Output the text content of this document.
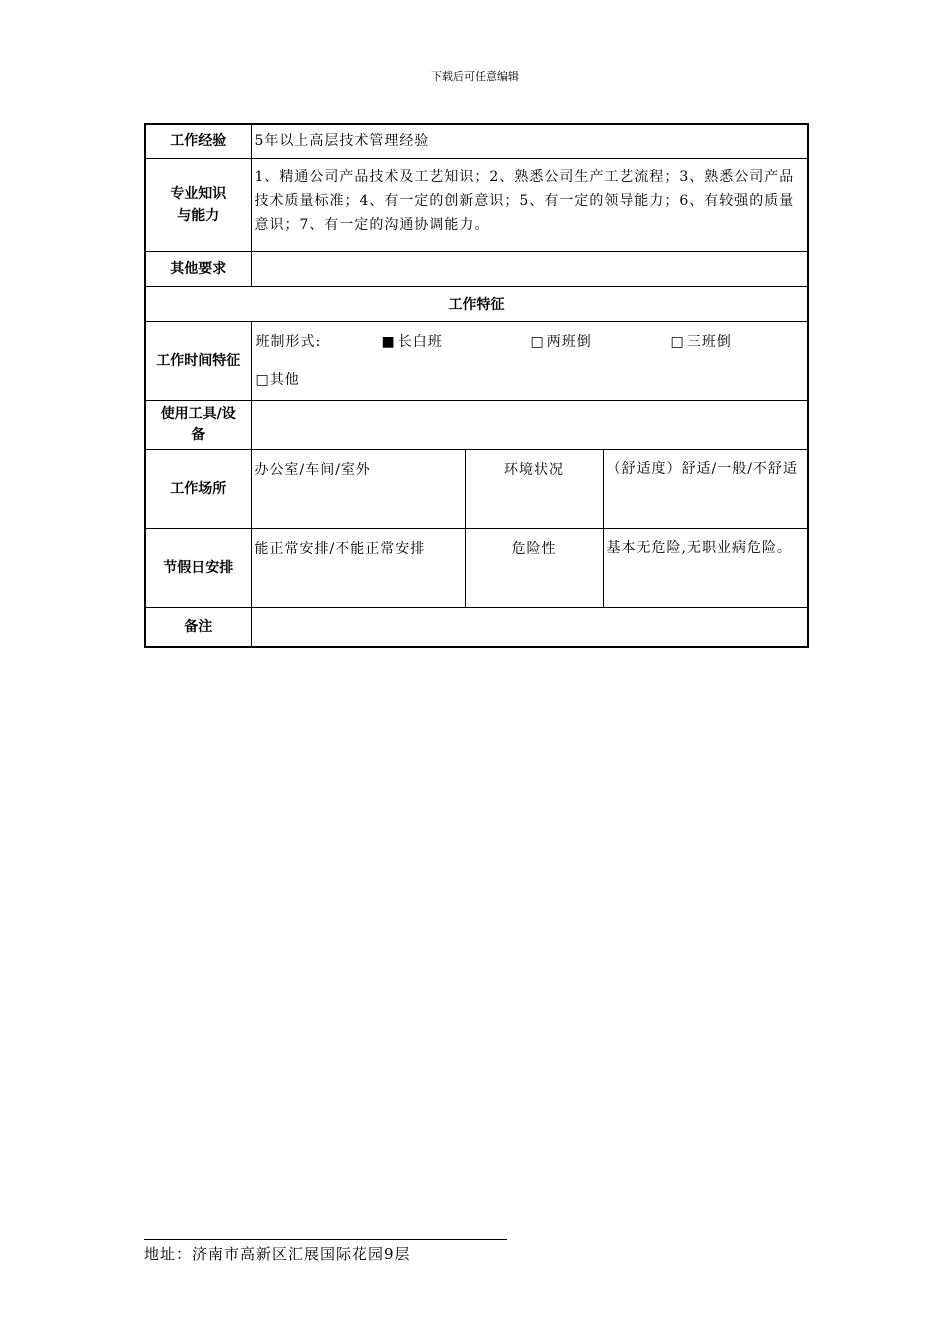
下载后可任意编辑
工作经验	5年以上高层技术管理经验		

专业知识
与能力	1、精通公司产品技术及工艺知识；2、熟悉公司生产工艺流程；3、熟悉公司产品技术质量标准；4、有一定的创新意识；5、有一定的领导能力；6、有较强的质量意识；7、有一定的沟通协调能力。		
其他要求			
工作特征			
工作时间特征	班制形式: ■ 长白班 □ 两班倒 □ 三班倒
□其他		

使用工具/设
备			

工作场所	办公室/车间/室外	环境状况	（舒适度）舒适/一般/不舒适
节假日安排	能正常安排/不能正常安排	危险性	基本无危险,无职业病危险。
备注			
地址：济南市高新区汇展国际花园9层
